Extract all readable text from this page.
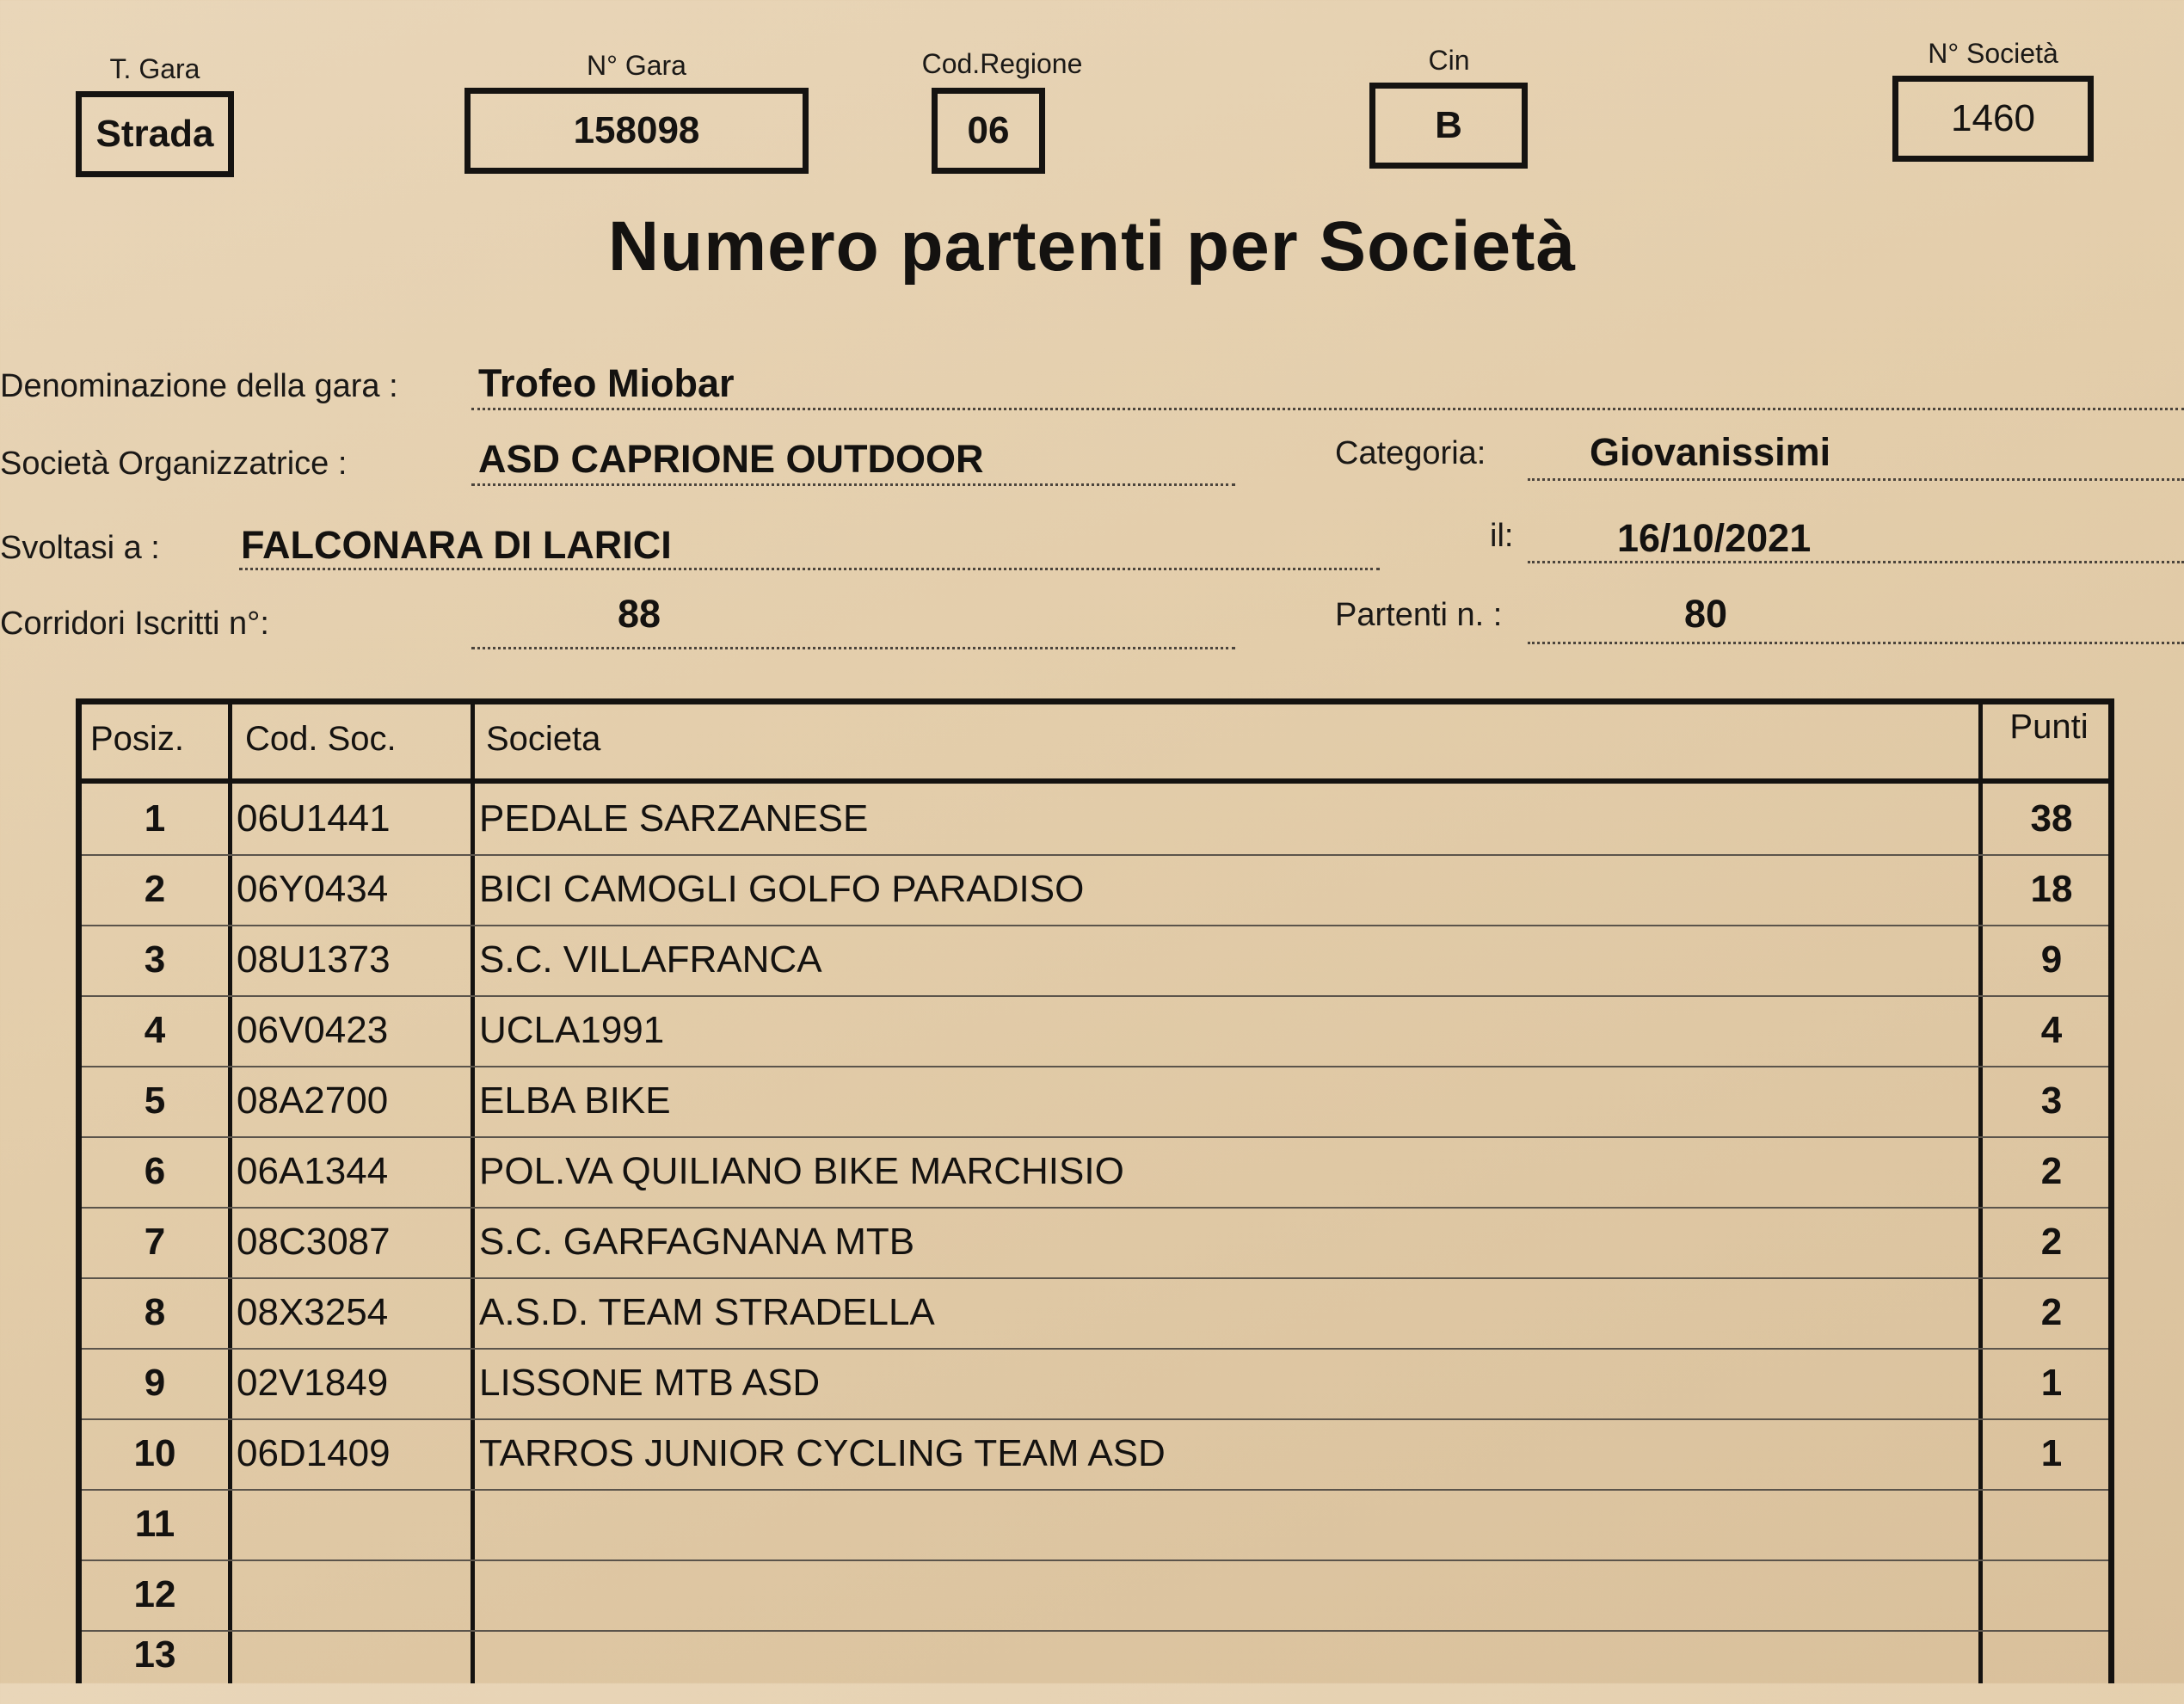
T. Gara
Strada
N° Gara
158098
Cod.Regione
06
Cin
B
N° Società
1460
Numero partenti per Società
Denominazione della gara : Trofeo Miobar
Società Organizzatrice :	ASD CAPRIONE OUTDOOR	Categoria:	Giovanissimi
Svoltasi a : FALCONARA DI LARICI	il:	16/10/2021
Corridori Iscritti n°:	88	Partenti n. :	80
Posiz.	Cod. Soc.	Societa	Punti
1	06U1441	PEDALE SARZANESE	38
2	06Y0434	BICI CAMOGLI GOLFO PARADISO	18
3	08U1373	S.C. VILLAFRANCA	9
4	06V0423	UCLA1991	4
5	08A2700	ELBA BIKE	3
6	06A1344	POL.VA QUILIANO BIKE MARCHISIO	2
7	08C3087	S.C. GARFAGNANA MTB	2
8	08X3254	A.S.D. TEAM STRADELLA	2
9	02V1849	LISSONE MTB ASD	1
10	06D1409	TARROS JUNIOR CYCLING TEAM ASD	1
11
12
13
